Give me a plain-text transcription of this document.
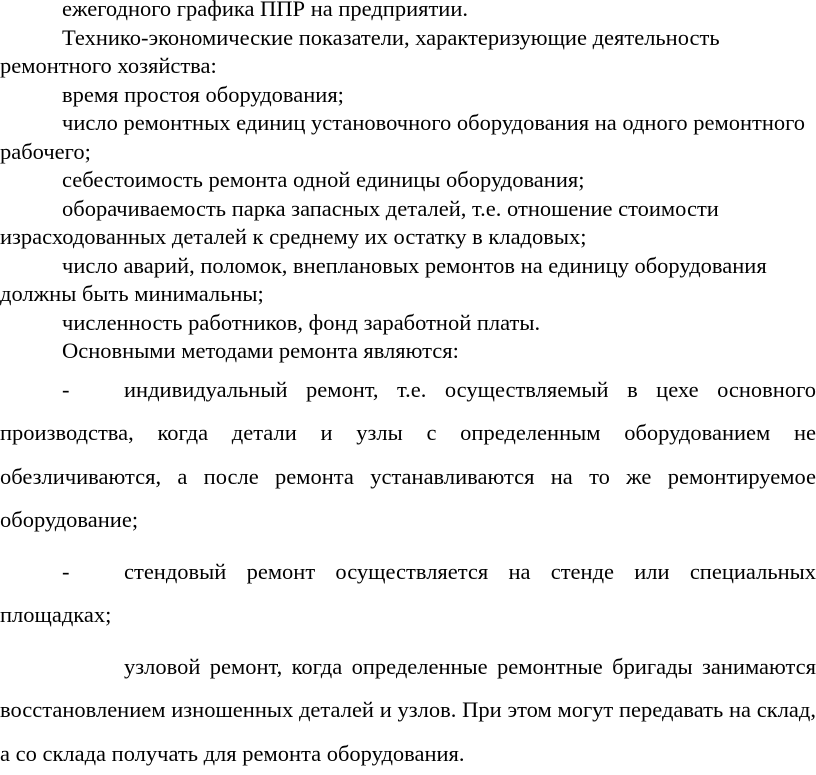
ежегодного графика ППР на предприятии.

Технико-экономические показатели, характеризующие деятельность ремонтного хозяйства:

время простоя оборудования;

число ремонтных единиц установочного оборудования на одного ремонтного рабочего;

себестоимость ремонта одной единицы оборудования;

оборачиваемость парка запасных деталей, т.е. отношение стоимости израсходованных деталей к среднему их остатку в кладовых;

число аварий, поломок, внеплановых ремонтов на единицу оборудования должны быть минимальны;

численность работников, фонд заработной платы.

Основными методами ремонта являются:

- индивидуальный ремонт, т.е. осуществляемый в цехе основного производства, когда детали и узлы с определенным оборудованием не обезличиваются, а после ремонта устанавливаются на то же ремонтируемое оборудование;

- стендовый ремонт осуществляется на стенде или специальных площадках;

узловой ремонт, когда определенные ремонтные бригады занимаются восстановлением изношенных деталей и узлов. При этом могут передавать на склад, а со склада получать для ремонта оборудования.
